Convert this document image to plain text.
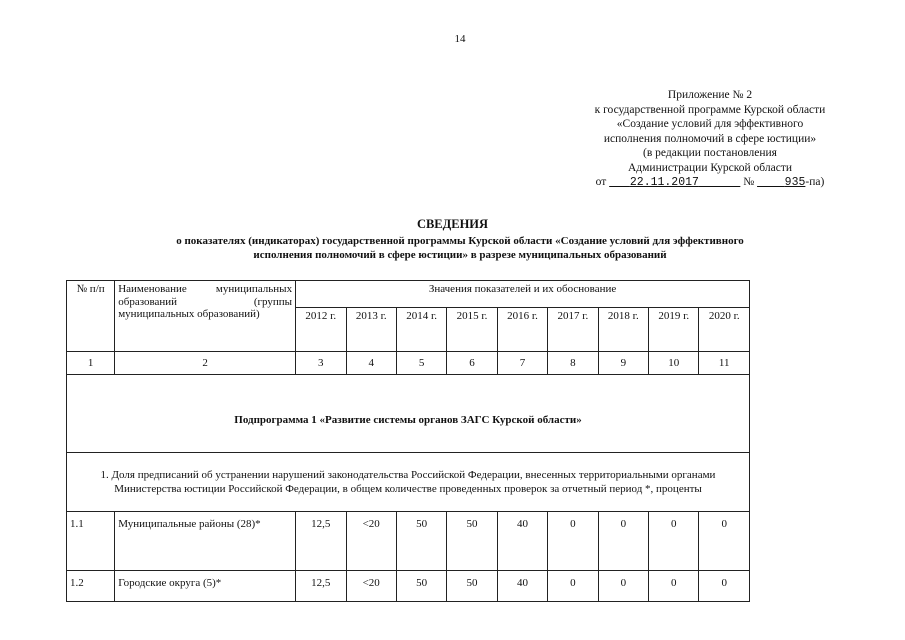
14
Приложение № 2
к государственной программе Курской области
«Создание условий для эффективного
исполнения полномочий в сфере юстиции»
(в редакции постановления
Администрации Курской области
от 22.11.2017	№	935-па)
СВЕДЕНИЯ
о показателях (индикаторах) государственной программы Курской области «Создание условий для эффективного
исполнения полномочий в сфере юстиции» в разрезе муниципальных образований
№ п/п	Наименование муниципальных образований (группы муниципальных образований)	Значения показателей и их обоснование								
		2012 г.	2013 г.	2014 г.	2015 г.	2016 г.	2017 г.	2018 г.	2019 г.	2020 г.
1	2	3	4	5	6	7	8	9	10	11
Подпрограмма 1 «Развитие системы органов ЗАГС Курской области»										
1. Доля предписаний об устранении нарушений законодательства Российской Федерации, внесенных территориальными органами Министерства юстиции Российской Федерации, в общем количестве проведенных проверок за отчетный период *, проценты										
1.1	Муниципальные районы (28)*	12,5	<20	50	50	40	0	0	0	0
1.2	Городские округа (5)*	12,5	<20	50	50	40	0	0	0	0
